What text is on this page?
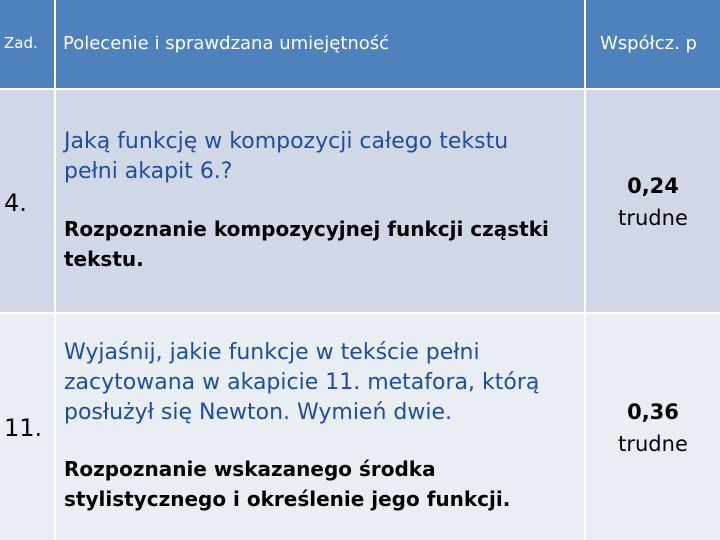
Zad. Polecenie i sprawdzana umiejętność	Współcz. p
4.
Jaką funkcję w kompozycji całego tekstu pełni akapit 6.?
Rozpoznanie kompozycyjnej funkcji cząstki tekstu.
0,24
trudne
11.
Wyjaśnij, jakie funkcje w tekście pełni zacytowana w akapicie 11. metafora, którą posłużył się Newton. Wymień dwie.
Rozpoznanie wskazanego środka stylistycznego i określenie jego funkcji.
0,36
trudne
